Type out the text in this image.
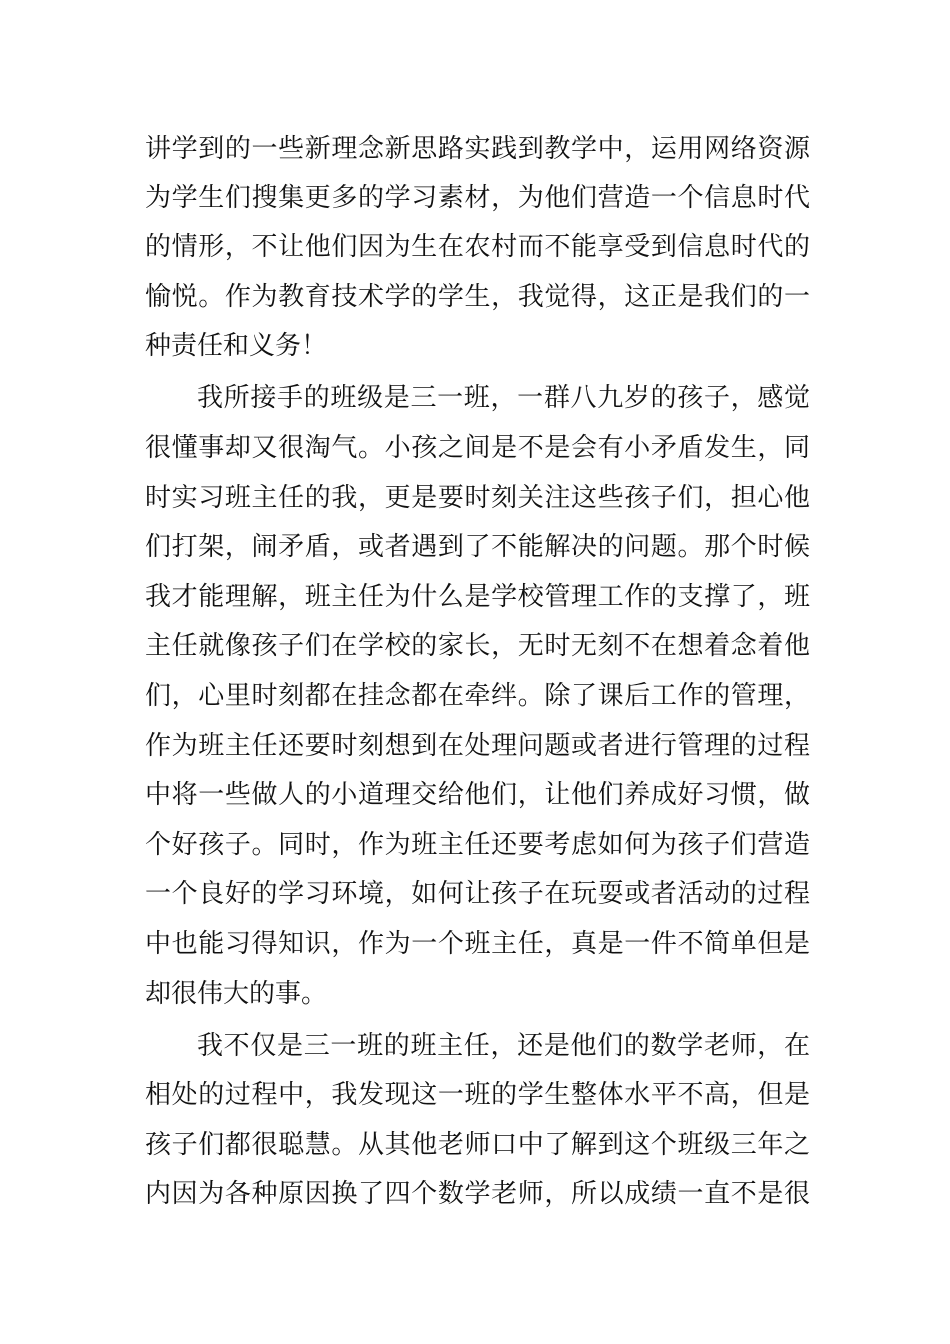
讲学到的一些新理念新思路实践到教学中，运用网络资源
为学生们搜集更多的学习素材，为他们营造一个信息时代
的情形，不让他们因为生在农村而不能享受到信息时代的
愉悦。作为教育技术学的学生，我觉得，这正是我们的一
种责任和义务！
我所接手的班级是三一班，一群八九岁的孩子，感觉
很懂事却又很淘气。小孩之间是不是会有小矛盾发生，同
时实习班主任的我，更是要时刻关注这些孩子们，担心他
们打架，闹矛盾，或者遇到了不能解决的问题。那个时候
我才能理解，班主任为什么是学校管理工作的支撑了，班
主任就像孩子们在学校的家长，无时无刻不在想着念着他
们，心里时刻都在挂念都在牵绊。除了课后工作的管理，
作为班主任还要时刻想到在处理问题或者进行管理的过程
中将一些做人的小道理交给他们，让他们养成好习惯，做
个好孩子。同时，作为班主任还要考虑如何为孩子们营造
一个良好的学习环境，如何让孩子在玩耍或者活动的过程
中也能习得知识，作为一个班主任，真是一件不简单但是
却很伟大的事。
我不仅是三一班的班主任，还是他们的数学老师，在
相处的过程中，我发现这一班的学生整体水平不高，但是
孩子们都很聪慧。从其他老师口中了解到这个班级三年之
内因为各种原因换了四个数学老师，所以成绩一直不是很
